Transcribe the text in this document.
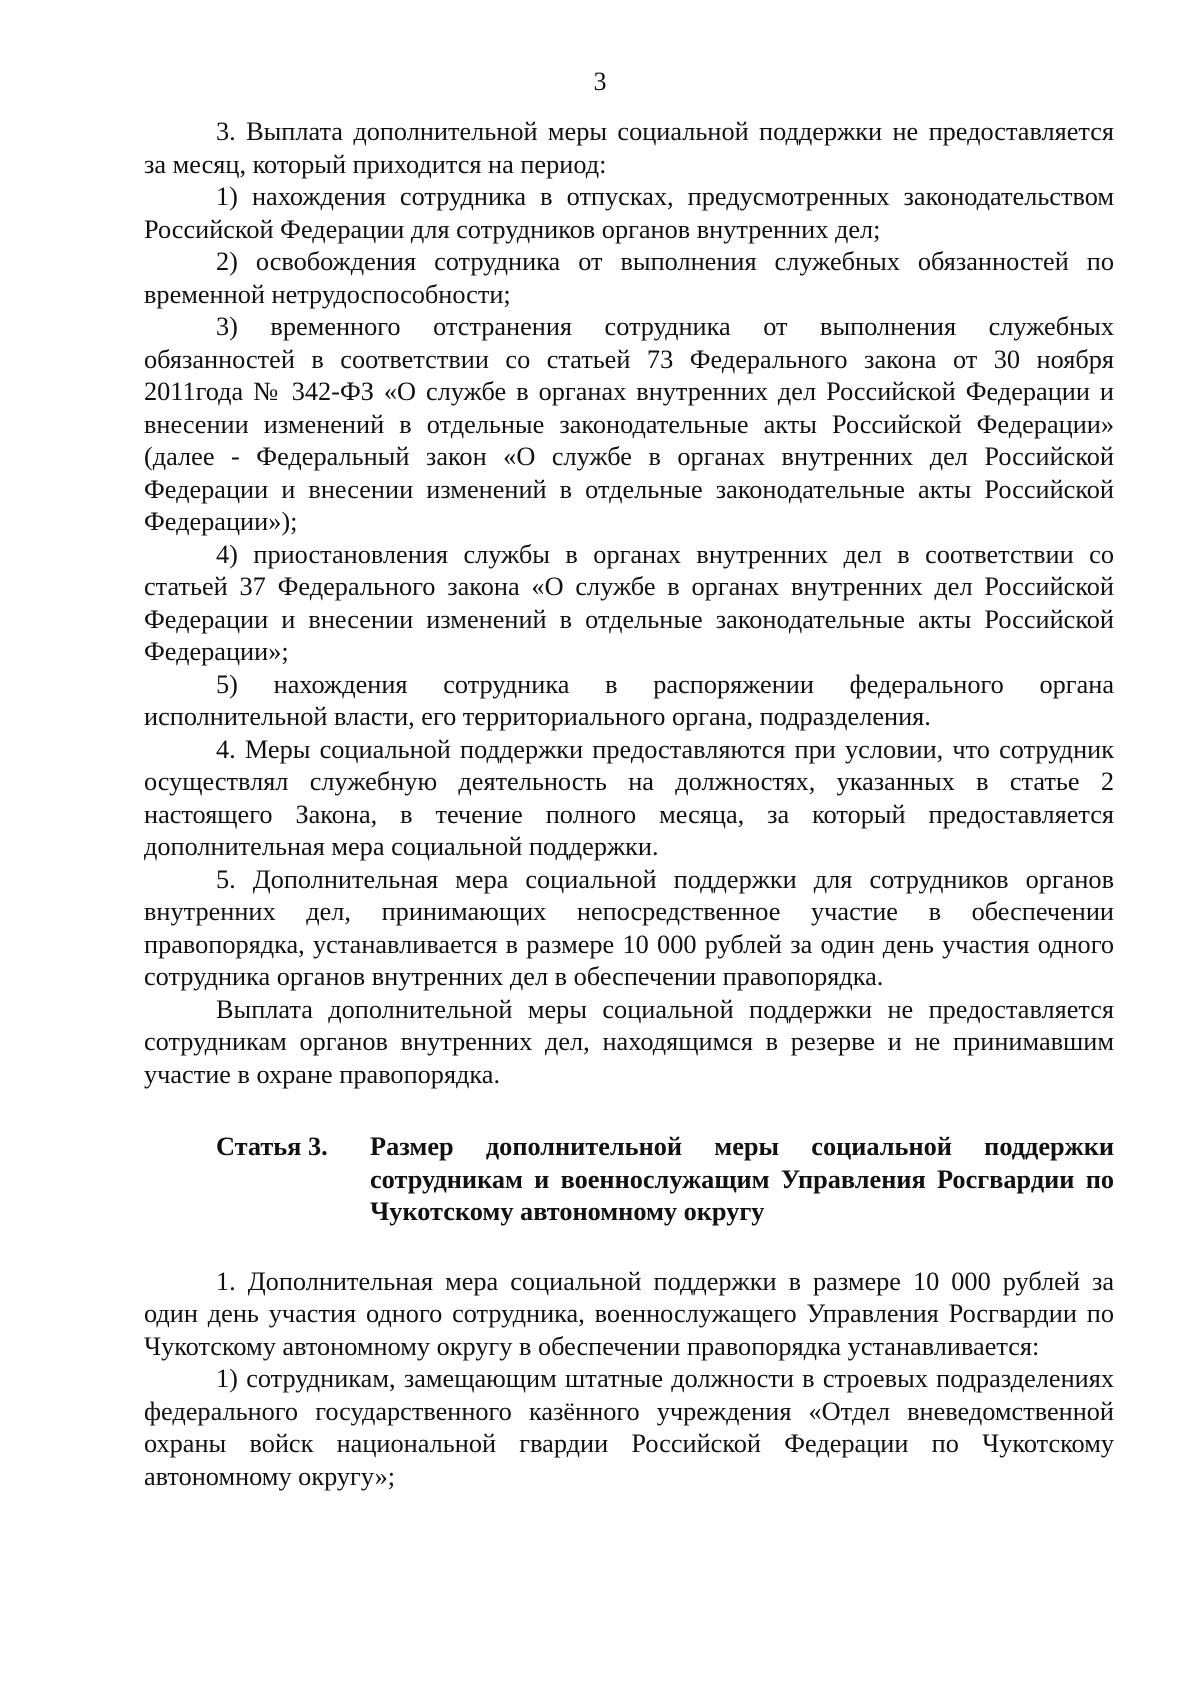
3

3. Выплата дополнительной меры социальной поддержки не предоставляется за месяц, который приходится на период:

1) нахождения сотрудника в отпусках, предусмотренных законодательством Российской Федерации для сотрудников органов внутренних дел;

2) освобождения сотрудника от выполнения служебных обязанностей по временной нетрудоспособности;

3) временного отстранения сотрудника от выполнения служебных обязанностей в соответствии со статьей 73 Федерального закона от 30 ноября 2011года № 342-ФЗ «О службе в органах внутренних дел Российской Федерации и внесении изменений в отдельные законодательные акты Российской Федерации» (далее - Федеральный закон «О службе в органах внутренних дел Российской Федерации и внесении изменений в отдельные законодательные акты Российской Федерации»);

4) приостановления службы в органах внутренних дел в соответствии со статьей 37 Федерального закона «О службе в органах внутренних дел Российской Федерации и внесении изменений в отдельные законодательные акты Российской Федерации»;

5) нахождения сотрудника в распоряжении федерального органа исполнительной власти, его территориального органа, подразделения.

4. Меры социальной поддержки предоставляются при условии, что сотрудник осуществлял служебную деятельность на должностях, указанных в статье 2 настоящего Закона, в течение полного месяца, за который предоставляется дополнительная мера социальной поддержки.

5. Дополнительная мера социальной поддержки для сотрудников органов внутренних дел, принимающих непосредственное участие в обеспечении правопорядка, устанавливается в размере 10 000 рублей за один день участия одного сотрудника органов внутренних дел в обеспечении правопорядка.

Выплата дополнительной меры социальной поддержки не предоставляется сотрудникам органов внутренних дел, находящимся в резерве и не принимавшим участие в охране правопорядка.

Статья 3.	Размер дополнительной меры социальной поддержки сотрудникам и военнослужащим Управления Росгвардии по Чукотскому автономному округу

1. Дополнительная мера социальной поддержки в размере 10 000 рублей за один день участия одного сотрудника, военнослужащего Управления Росгвардии по Чукотскому автономному округу в обеспечении правопорядка устанавливается:

1) сотрудникам, замещающим штатные должности в строевых подразделениях федерального государственного казённого учреждения «Отдел вневедомственной охраны войск национальной гвардии Российской Федерации по Чукотскому автономному округу»;
